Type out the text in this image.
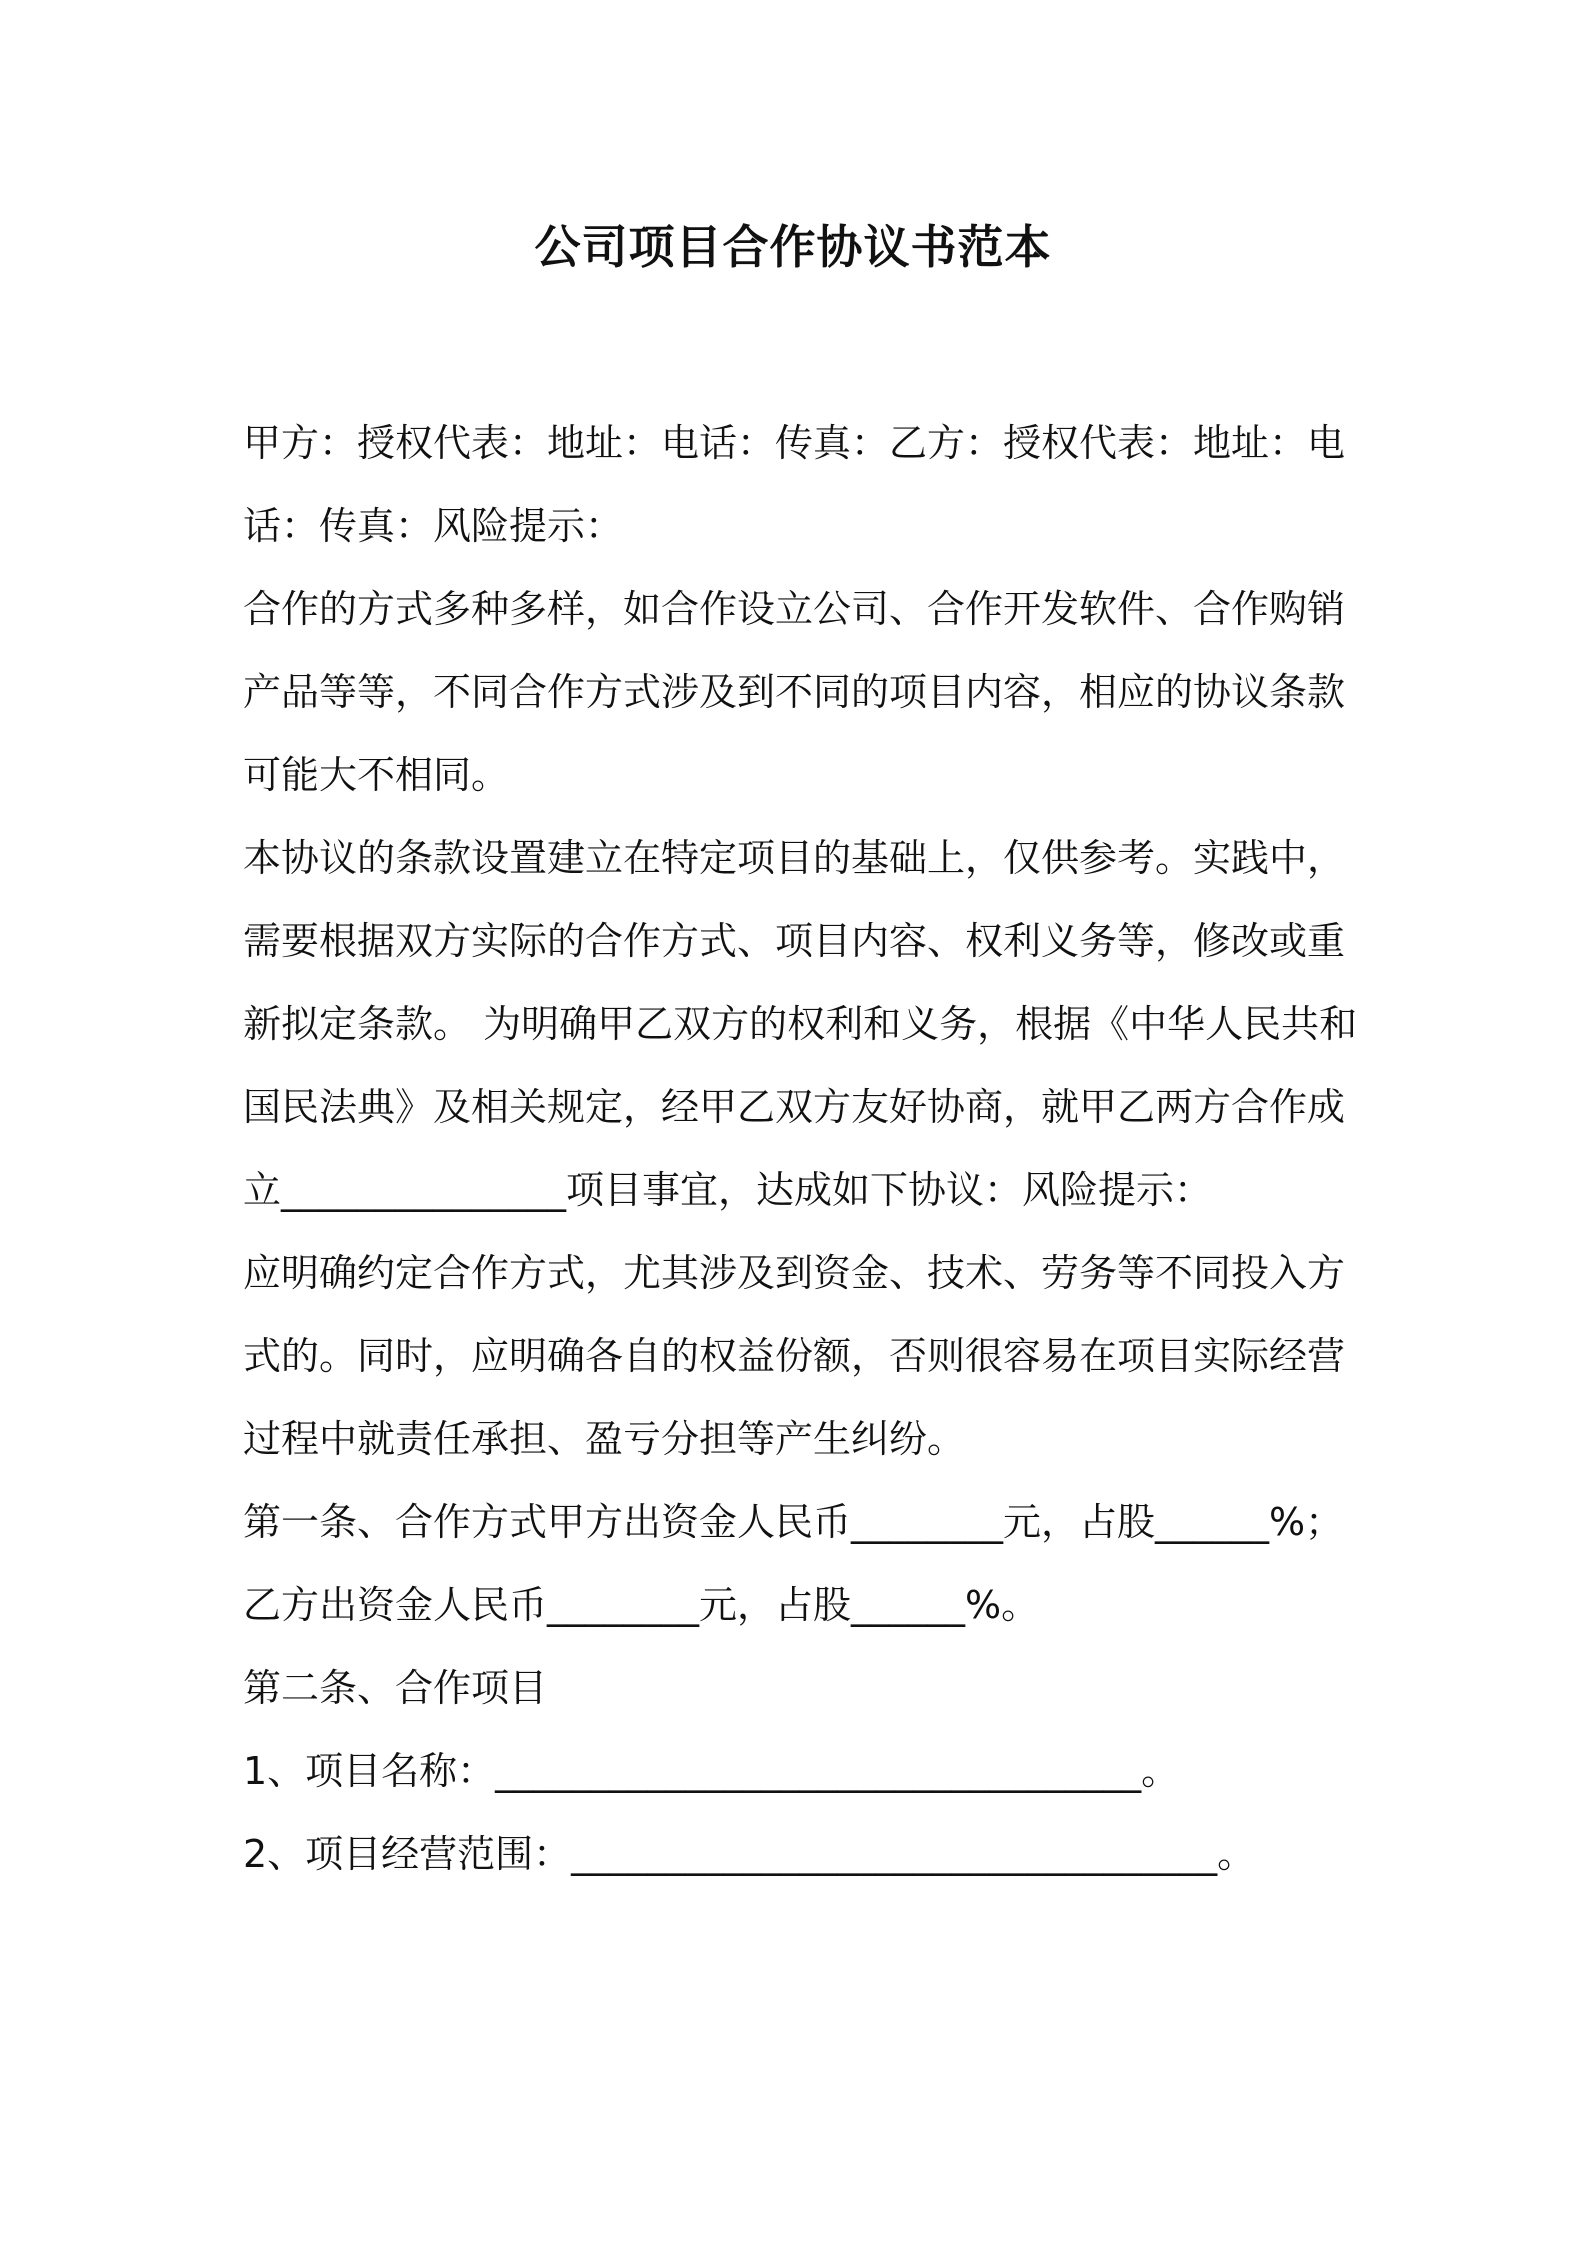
公司项目合作协议书范本

甲方：授权代表：地址：电话：传真：乙方：授权代表：地址：电话：传真：风险提示：

合作的方式多种多样，如合作设立公司、合作开发软件、合作购销产品等等，不同合作方式涉及到不同的项目内容，相应的协议条款可能大不相同。

本协议的条款设置建立在特定项目的基础上，仅供参考。实践中，需要根据双方实际的合作方式、项目内容、权利义务等，修改或重新拟定条款。 为明确甲乙双方的权利和义务，根据《中华人民共和国民法典》及相关规定，经甲乙双方友好协商，就甲乙两方合作成立_______________项目事宜，达成如下协议：风险提示：

应明确约定合作方式，尤其涉及到资金、技术、劳务等不同投入方式的。同时，应明确各自的权益份额，否则很容易在项目实际经营过程中就责任承担、盈亏分担等产生纠纷。

第一条、合作方式甲方出资金人民币________元，占股______%；乙方出资金人民币________元，占股______%。

第二条、合作项目

1、项目名称：__________________________________。

2、项目经营范围：__________________________________。
